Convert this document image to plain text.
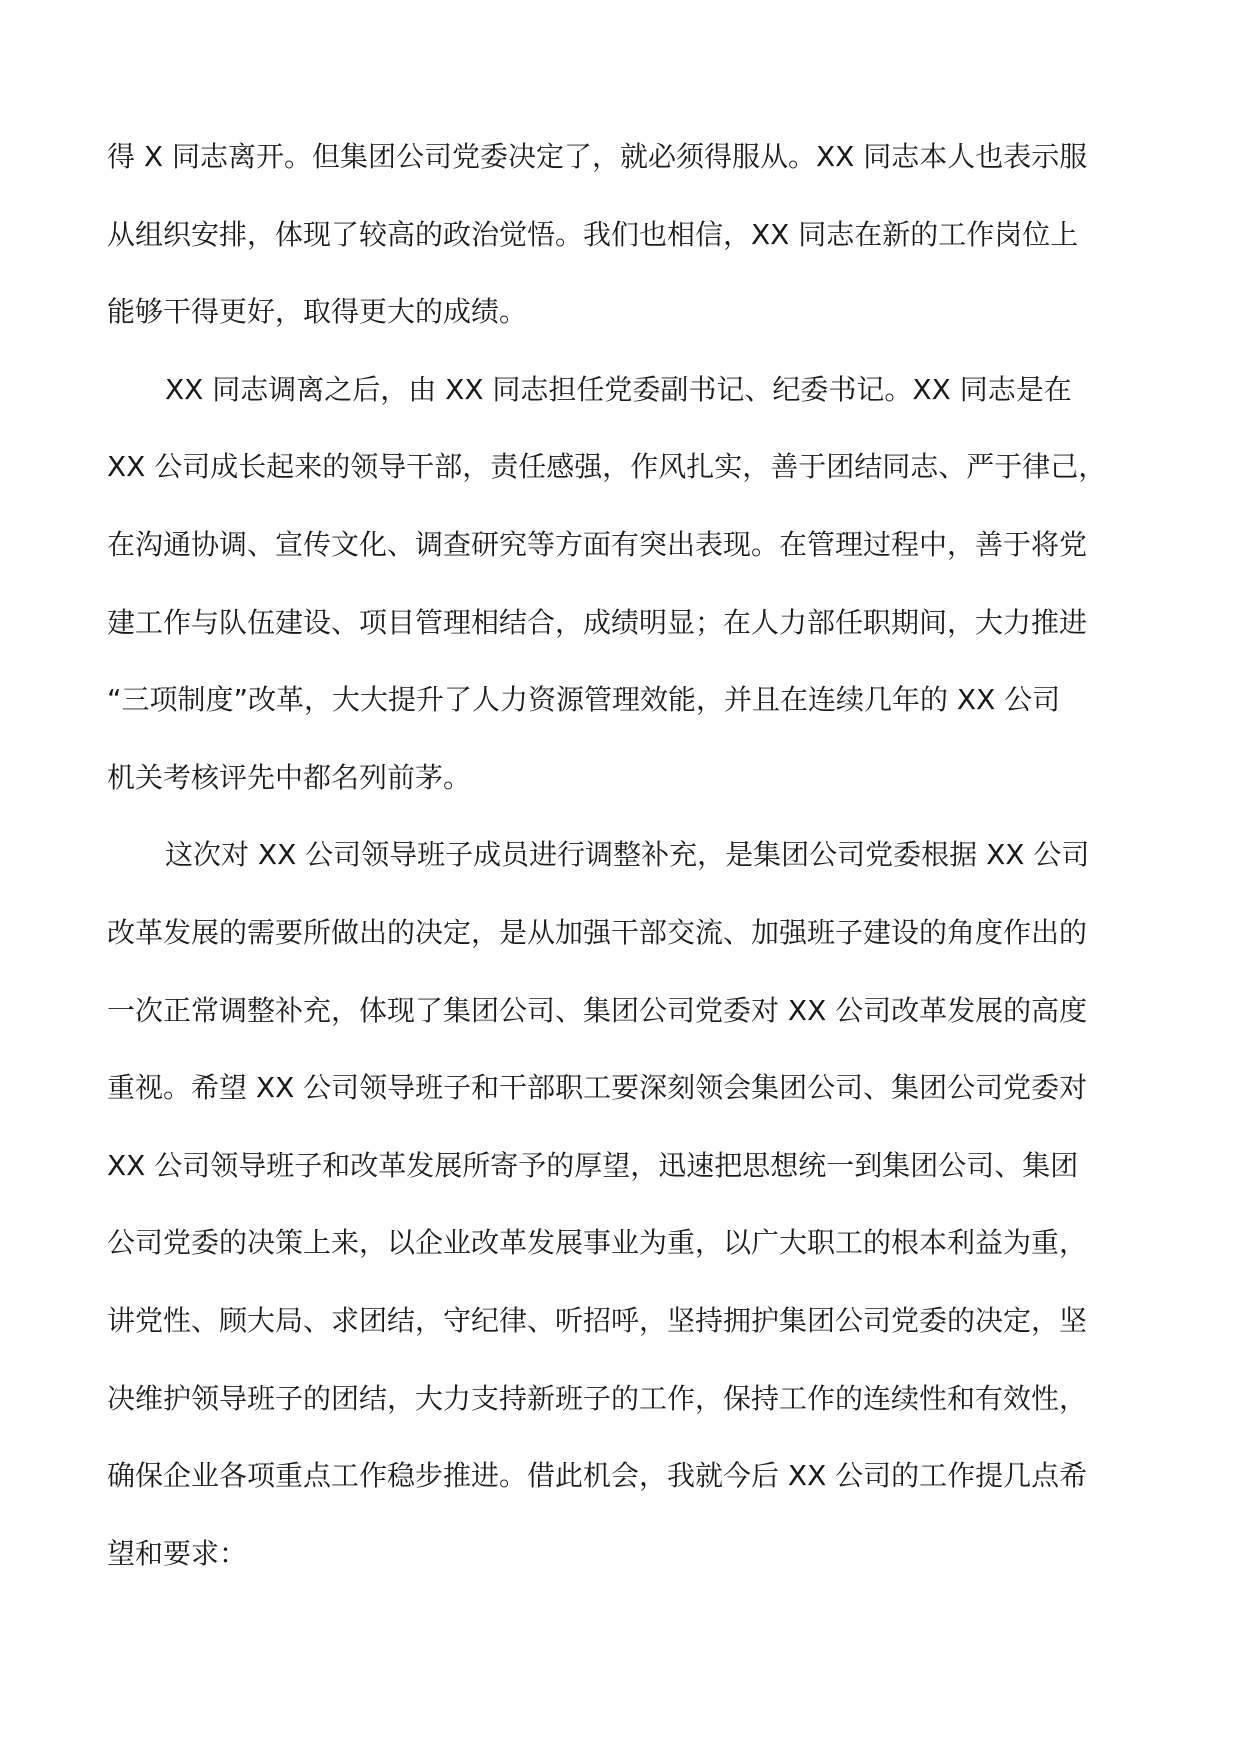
得 X 同志离开。但集团公司党委决定了，就必须得服从。XX 同志本人也表示服
从组织安排，体现了较高的政治觉悟。我们也相信，XX 同志在新的工作岗位上
能够干得更好，取得更大的成绩。
XX 同志调离之后，由 XX 同志担任党委副书记、纪委书记。XX 同志是在
XX 公司成长起来的领导干部，责任感强，作风扎实，善于团结同志、严于律己，
在沟通协调、宣传文化、调查研究等方面有突出表现。在管理过程中，善于将党
建工作与队伍建设、项目管理相结合，成绩明显；在人力部任职期间，大力推进
“三项制度”改革，大大提升了人力资源管理效能，并且在连续几年的 XX 公司
机关考核评先中都名列前茅。
这次对 XX 公司领导班子成员进行调整补充，是集团公司党委根据 XX 公司
改革发展的需要所做出的决定，是从加强干部交流、加强班子建设的角度作出的
一次正常调整补充，体现了集团公司、集团公司党委对 XX 公司改革发展的高度
重视。希望 XX 公司领导班子和干部职工要深刻领会集团公司、集团公司党委对
XX 公司领导班子和改革发展所寄予的厚望，迅速把思想统一到集团公司、集团
公司党委的决策上来，以企业改革发展事业为重，以广大职工的根本利益为重，
讲党性、顾大局、求团结，守纪律、听招呼，坚持拥护集团公司党委的决定，坚
决维护领导班子的团结，大力支持新班子的工作，保持工作的连续性和有效性，
确保企业各项重点工作稳步推进。借此机会，我就今后 XX 公司的工作提几点希
望和要求：
